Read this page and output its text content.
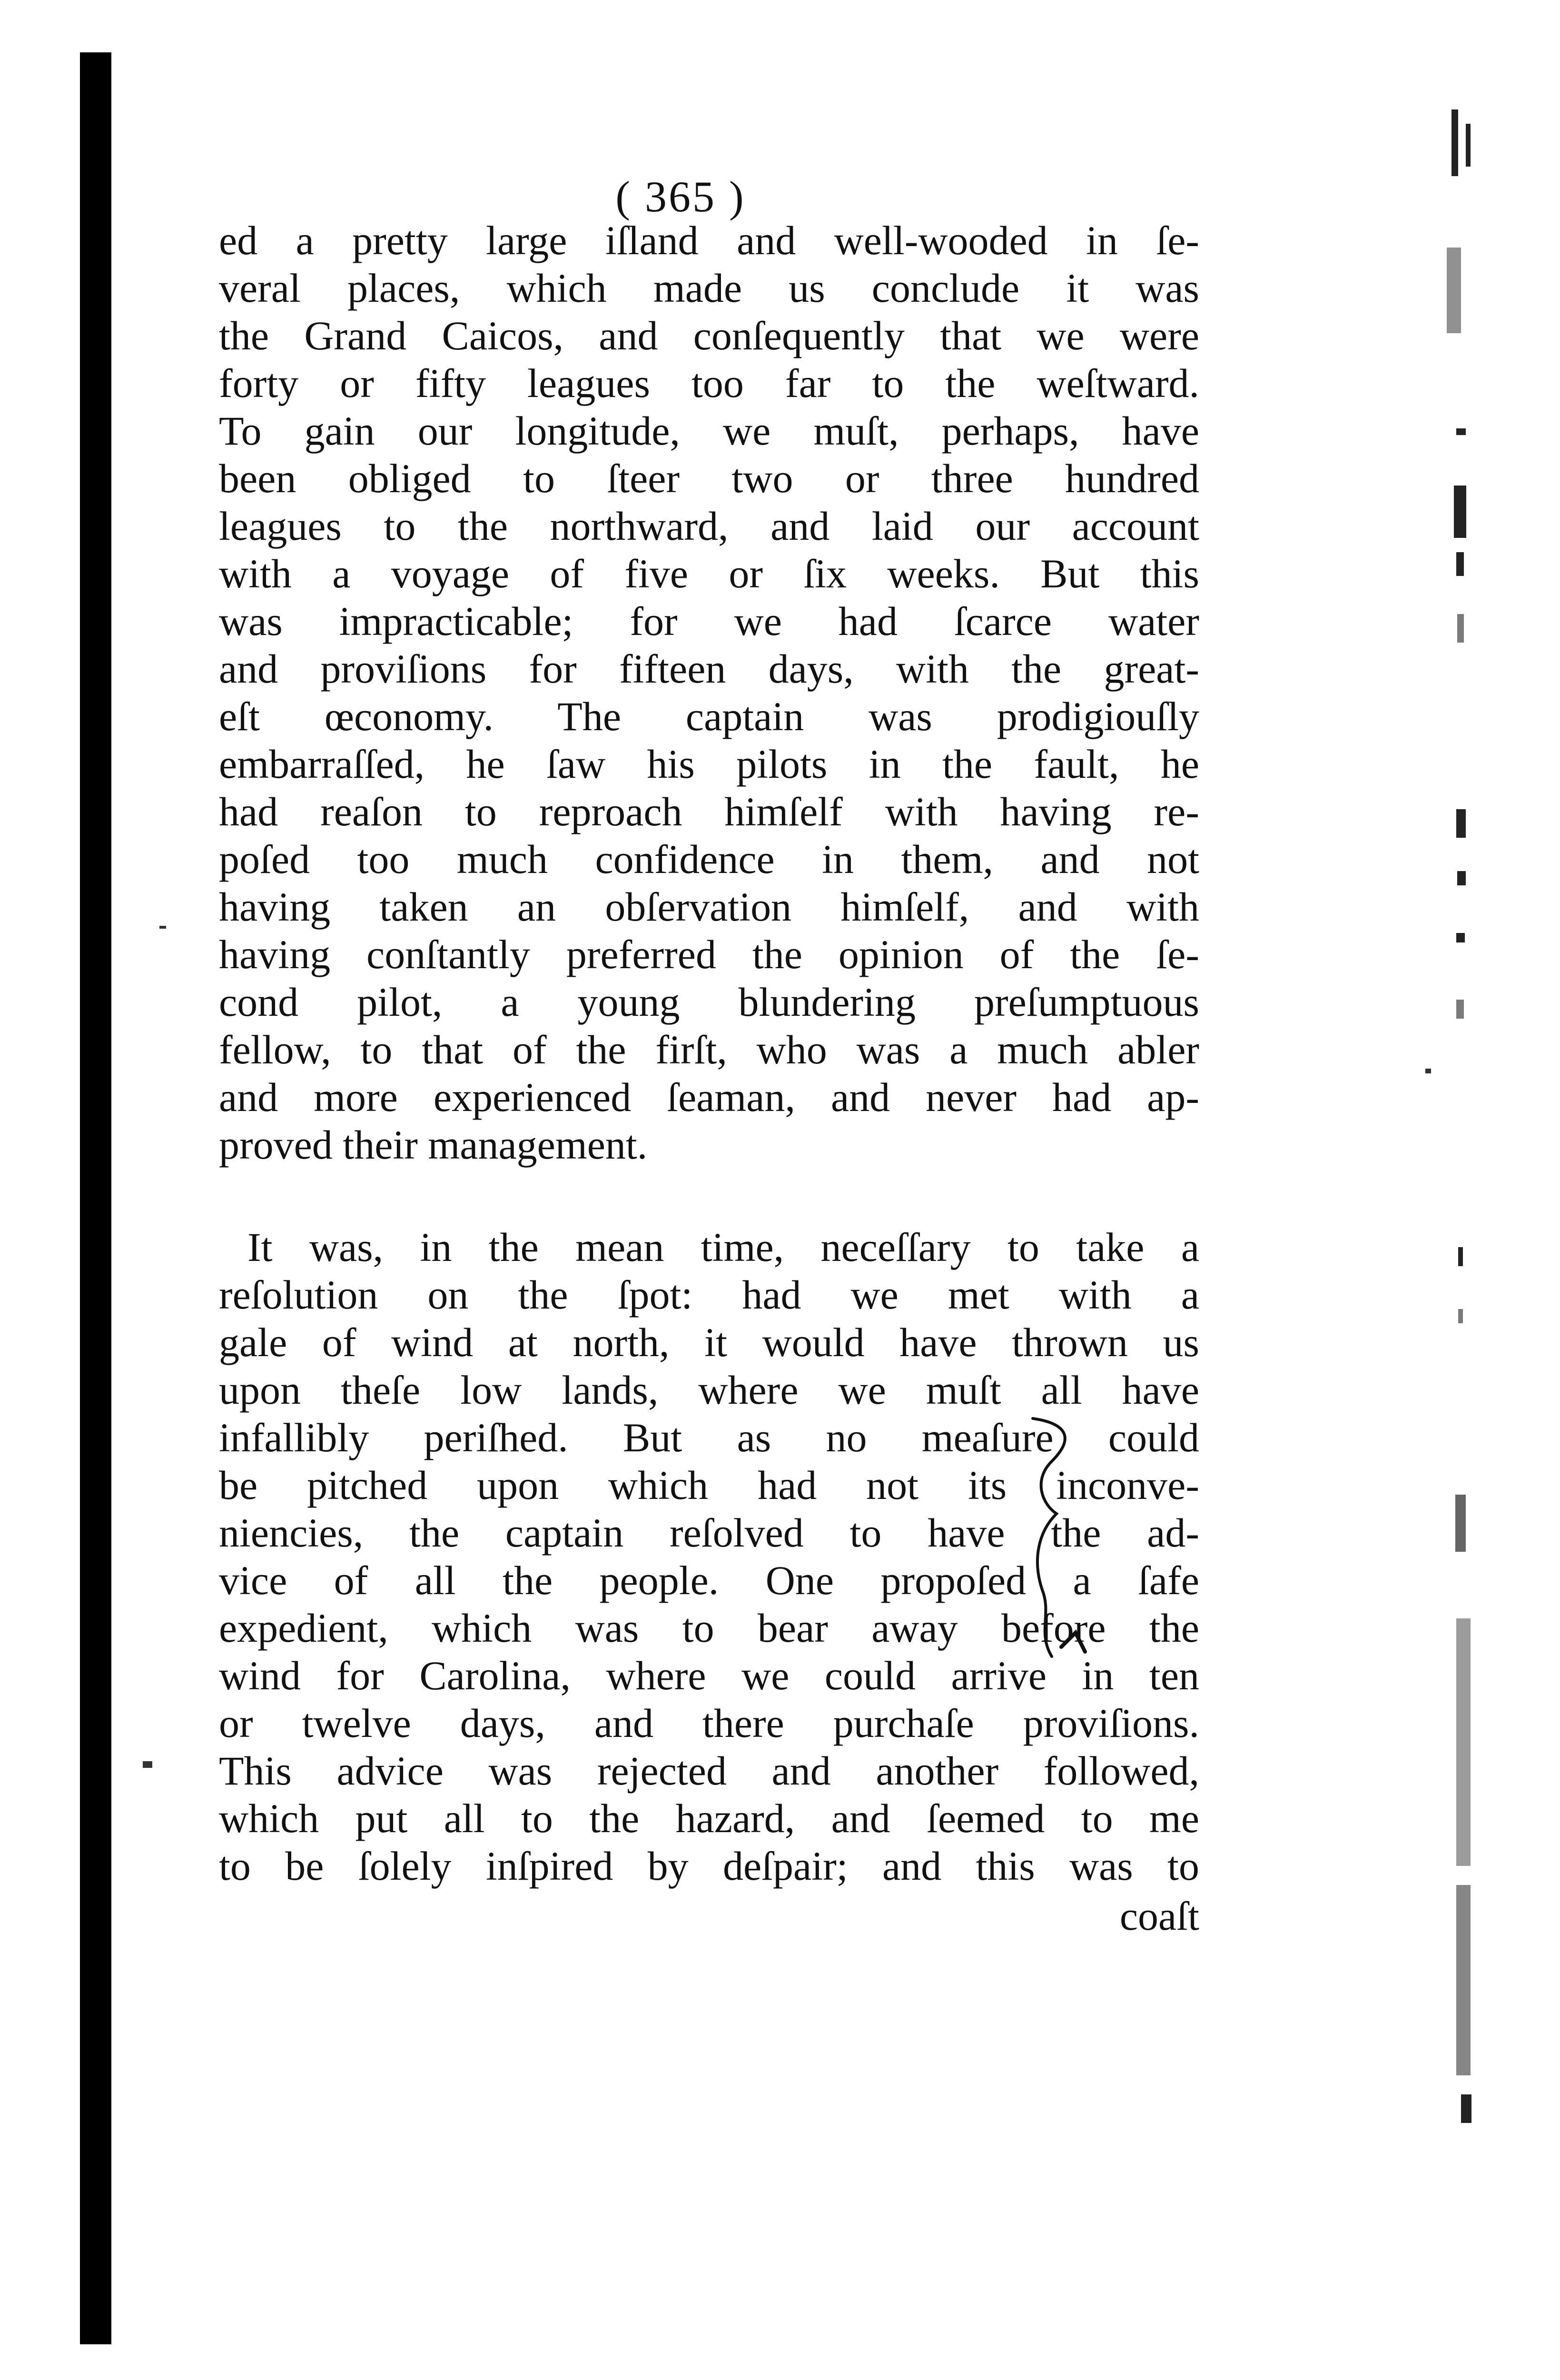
( 365 )
ed a pretty large iſland and well-wooded in ſe-
veral places, which made us conclude it was
the Grand Caicos, and conſequently that we were
forty or fifty leagues too far to the weſtward.
To gain our longitude, we muſt, perhaps, have
been obliged to ſteer two or three hundred
leagues to the northward, and laid our account
with a voyage of five or ſix weeks. But this
was impracticable; for we had ſcarce water
and proviſions for fifteen days, with the great-
eſt œconomy. The captain was prodigiouſly
embarraſſed, he ſaw his pilots in the fault, he
had reaſon to reproach himſelf with having re-
poſed too much confidence in them, and not
having taken an obſervation himſelf, and with
having conſtantly preferred the opinion of the ſe-
cond pilot, a young blundering preſumptuous
fellow, to that of the firſt, who was a much abler
and more experienced ſeaman, and never had ap-
proved their management.
It was, in the mean time, neceſſary to take a
reſolution on the ſpot: had we met with a
gale of wind at north, it would have thrown us
upon theſe low lands, where we muſt all have
infallibly periſhed. But as no meaſure could
be pitched upon which had not its inconve-
niencies, the captain reſolved to have the ad-
vice of all the people. One propoſed a ſafe
expedient, which was to bear away before the
wind for Carolina, where we could arrive in ten
or twelve days, and there purchaſe proviſions.
This advice was rejected and another followed,
which put all to the hazard, and ſeemed to me
to be ſolely inſpired by deſpair; and this was to
coaſt
